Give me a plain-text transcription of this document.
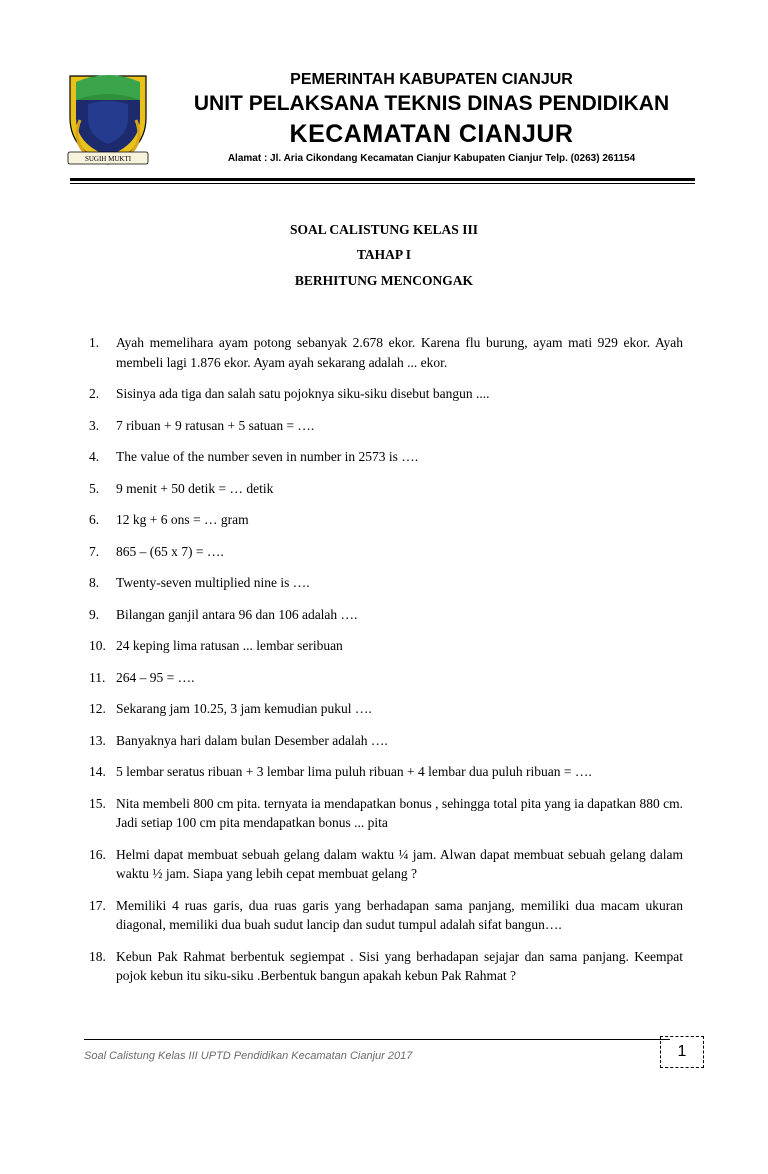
SUGIH MUKTI
PEMERINTAH KABUPATEN CIANJUR
UNIT PELAKSANA TEKNIS DINAS PENDIDIKAN
KECAMATAN CIANJUR
Alamat : Jl. Aria Cikondang Kecamatan Cianjur Kabupaten Cianjur Telp. (0263) 261154
SOAL CALISTUNG KELAS III
TAHAP I
BERHITUNG MENCONGAK
1.	Ayah memelihara ayam potong sebanyak 2.678 ekor. Karena flu burung, ayam mati 929 ekor. Ayah membeli lagi 1.876 ekor. Ayam ayah sekarang adalah ... ekor.
2.	Sisinya ada tiga dan salah satu pojoknya siku-siku disebut bangun ....
3.	7 ribuan + 9 ratusan + 5 satuan = ….
4.	The value of the number seven in number in 2573 is ….
5.	9 menit + 50 detik = … detik
6.	12 kg + 6 ons = … gram
7.	865 – (65 x 7) = ….
8.	Twenty-seven multiplied nine is ….
9.	Bilangan ganjil antara 96 dan 106 adalah ….
10. 24 keping lima ratusan ... lembar seribuan
11. 264 – 95 = ….
12. Sekarang jam 10.25, 3 jam kemudian pukul ….
13. Banyaknya hari dalam bulan Desember adalah ….
14. 5 lembar seratus ribuan + 3 lembar lima puluh ribuan + 4 lembar dua puluh ribuan = ….
15. Nita membeli 800 cm pita. ternyata ia mendapatkan bonus , sehingga total pita yang ia dapatkan 880 cm. Jadi setiap 100 cm pita mendapatkan bonus ... pita
16. Helmi dapat membuat sebuah gelang dalam waktu ¼ jam. Alwan dapat membuat sebuah gelang dalam waktu ½ jam. Siapa yang lebih cepat membuat gelang ?
17. Memiliki 4 ruas garis, dua ruas garis yang berhadapan sama panjang, memiliki dua macam ukuran diagonal, memiliki dua buah sudut lancip dan sudut tumpul adalah sifat bangun….
18. Kebun Pak Rahmat berbentuk segiempat . Sisi yang berhadapan sejajar dan sama panjang. Keempat pojok kebun itu siku-siku .Berbentuk bangun apakah kebun Pak Rahmat ?
Soal Calistung Kelas III UPTD Pendidikan Kecamatan Cianjur 2017	1
